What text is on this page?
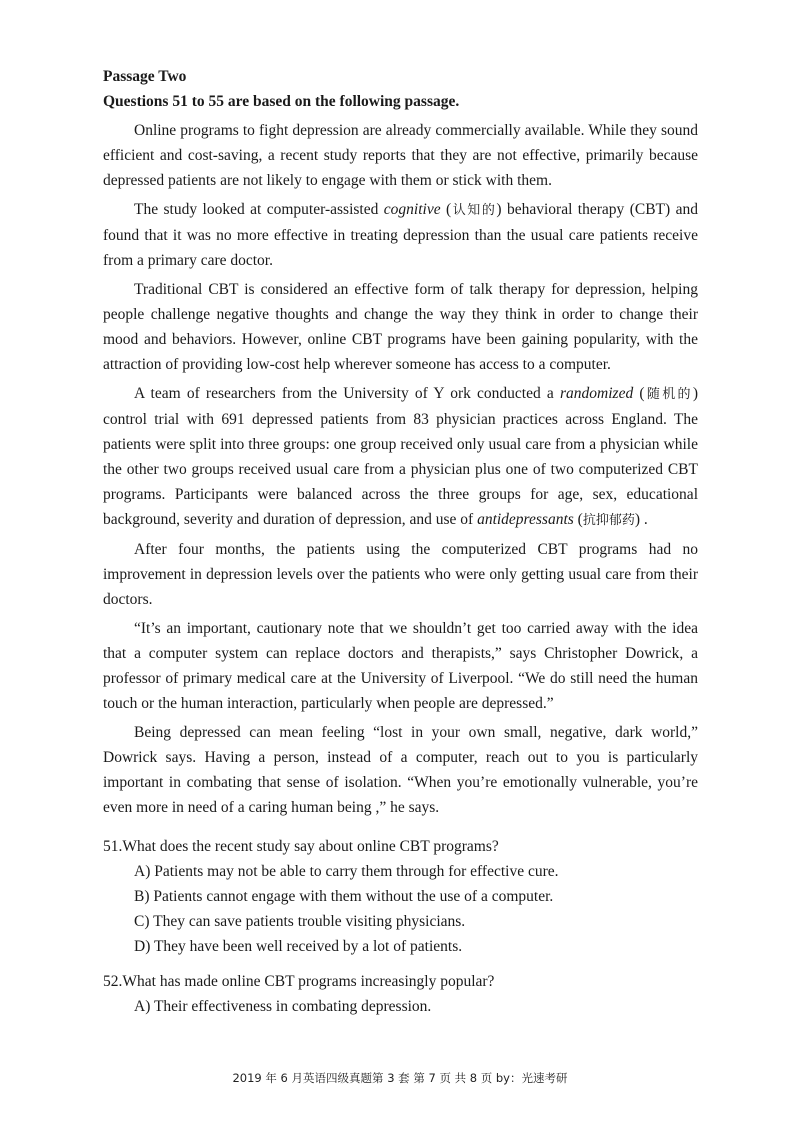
Passage Two

Questions 51 to 55 are based on the following passage.

Online programs to fight depression are already commercially available. While they sound efficient and cost-saving, a recent study reports that they are not effective, primarily because depressed patients are not likely to engage with them or stick with them.

The study looked at computer-assisted cognitive (认知的) behavioral therapy (CBT) and found that it was no more effective in treating depression than the usual care patients receive from a primary care doctor.

Traditional CBT is considered an effective form of talk therapy for depression, helping people challenge negative thoughts and change the way they think in order to change their mood and behaviors. However, online CBT programs have been gaining popularity, with the attraction of providing low-cost help wherever someone has access to a computer.

A team of researchers from the University of Y ork conducted a randomized (随机的) control trial with 691 depressed patients from 83 physician practices across England. The patients were split into three groups: one group received only usual care from a physician while the other two groups received usual care from a physician plus one of two computerized CBT programs. Participants were balanced across the three groups for age, sex, educational background, severity and duration of depression, and use of antidepressants (抗抑郁药) .

After four months, the patients using the computerized CBT programs had no improvement in depression levels over the patients who were only getting usual care from their doctors.

“It’s an important, cautionary note that we shouldn’t get too carried away with the idea that a computer system can replace doctors and therapists,” says Christopher Dowrick, a professor of primary medical care at the University of Liverpool. “We do still need the human touch or the human interaction, particularly when people are depressed.”

Being depressed can mean feeling “lost in your own small, negative, dark world,” Dowrick says. Having a person, instead of a computer, reach out to you is particularly important in combating that sense of isolation. “When you’re emotionally vulnerable, you’re even more in need of a caring human being ,” he says.

51.What does the recent study say about online CBT programs?

A) Patients may not be able to carry them through for effective cure.

B) Patients cannot engage with them without the use of a computer.

C) They can save patients trouble visiting physicians.

D) They have been well received by a lot of patients.

52.What has made online CBT programs increasingly popular?

A) Their effectiveness in combating depression.

2019 年 6 月英语四级真题第 3 套 第 7 页 共 8 页 by：光速考研
